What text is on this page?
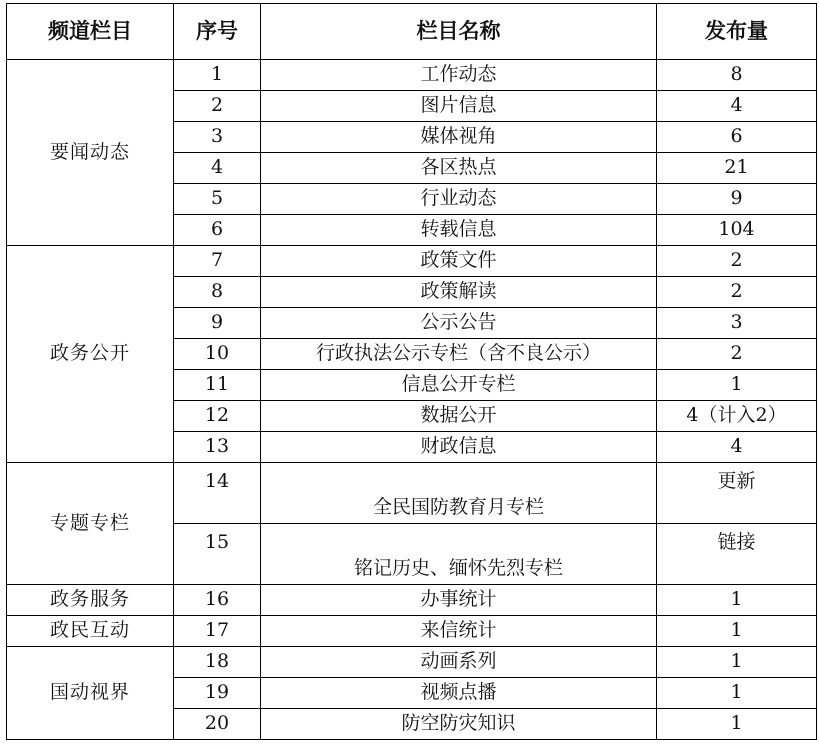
频道栏目	序号	栏目名称	发布量
要闻动态	1	工作动态	8
	2	图片信息	4
	3	媒体视角	6
	4	各区热点	21
	5	行业动态	9
	6	转载信息	104
政务公开	7	政策文件	2
	8	政策解读	2
	9	公示公告	3
	10	行政执法公示专栏（含不良公示）	2
	11	信息公开专栏	1
	12	数据公开	4（计入2）
	13	财政信息	4
专题专栏	14	全民国防教育月专栏	更新
	15	铭记历史、缅怀先烈专栏	链接
政务服务	16	办事统计	1
政民互动	17	来信统计	1
国动视界	18	动画系列	1
	19	视频点播	1
	20	防空防灾知识	1
